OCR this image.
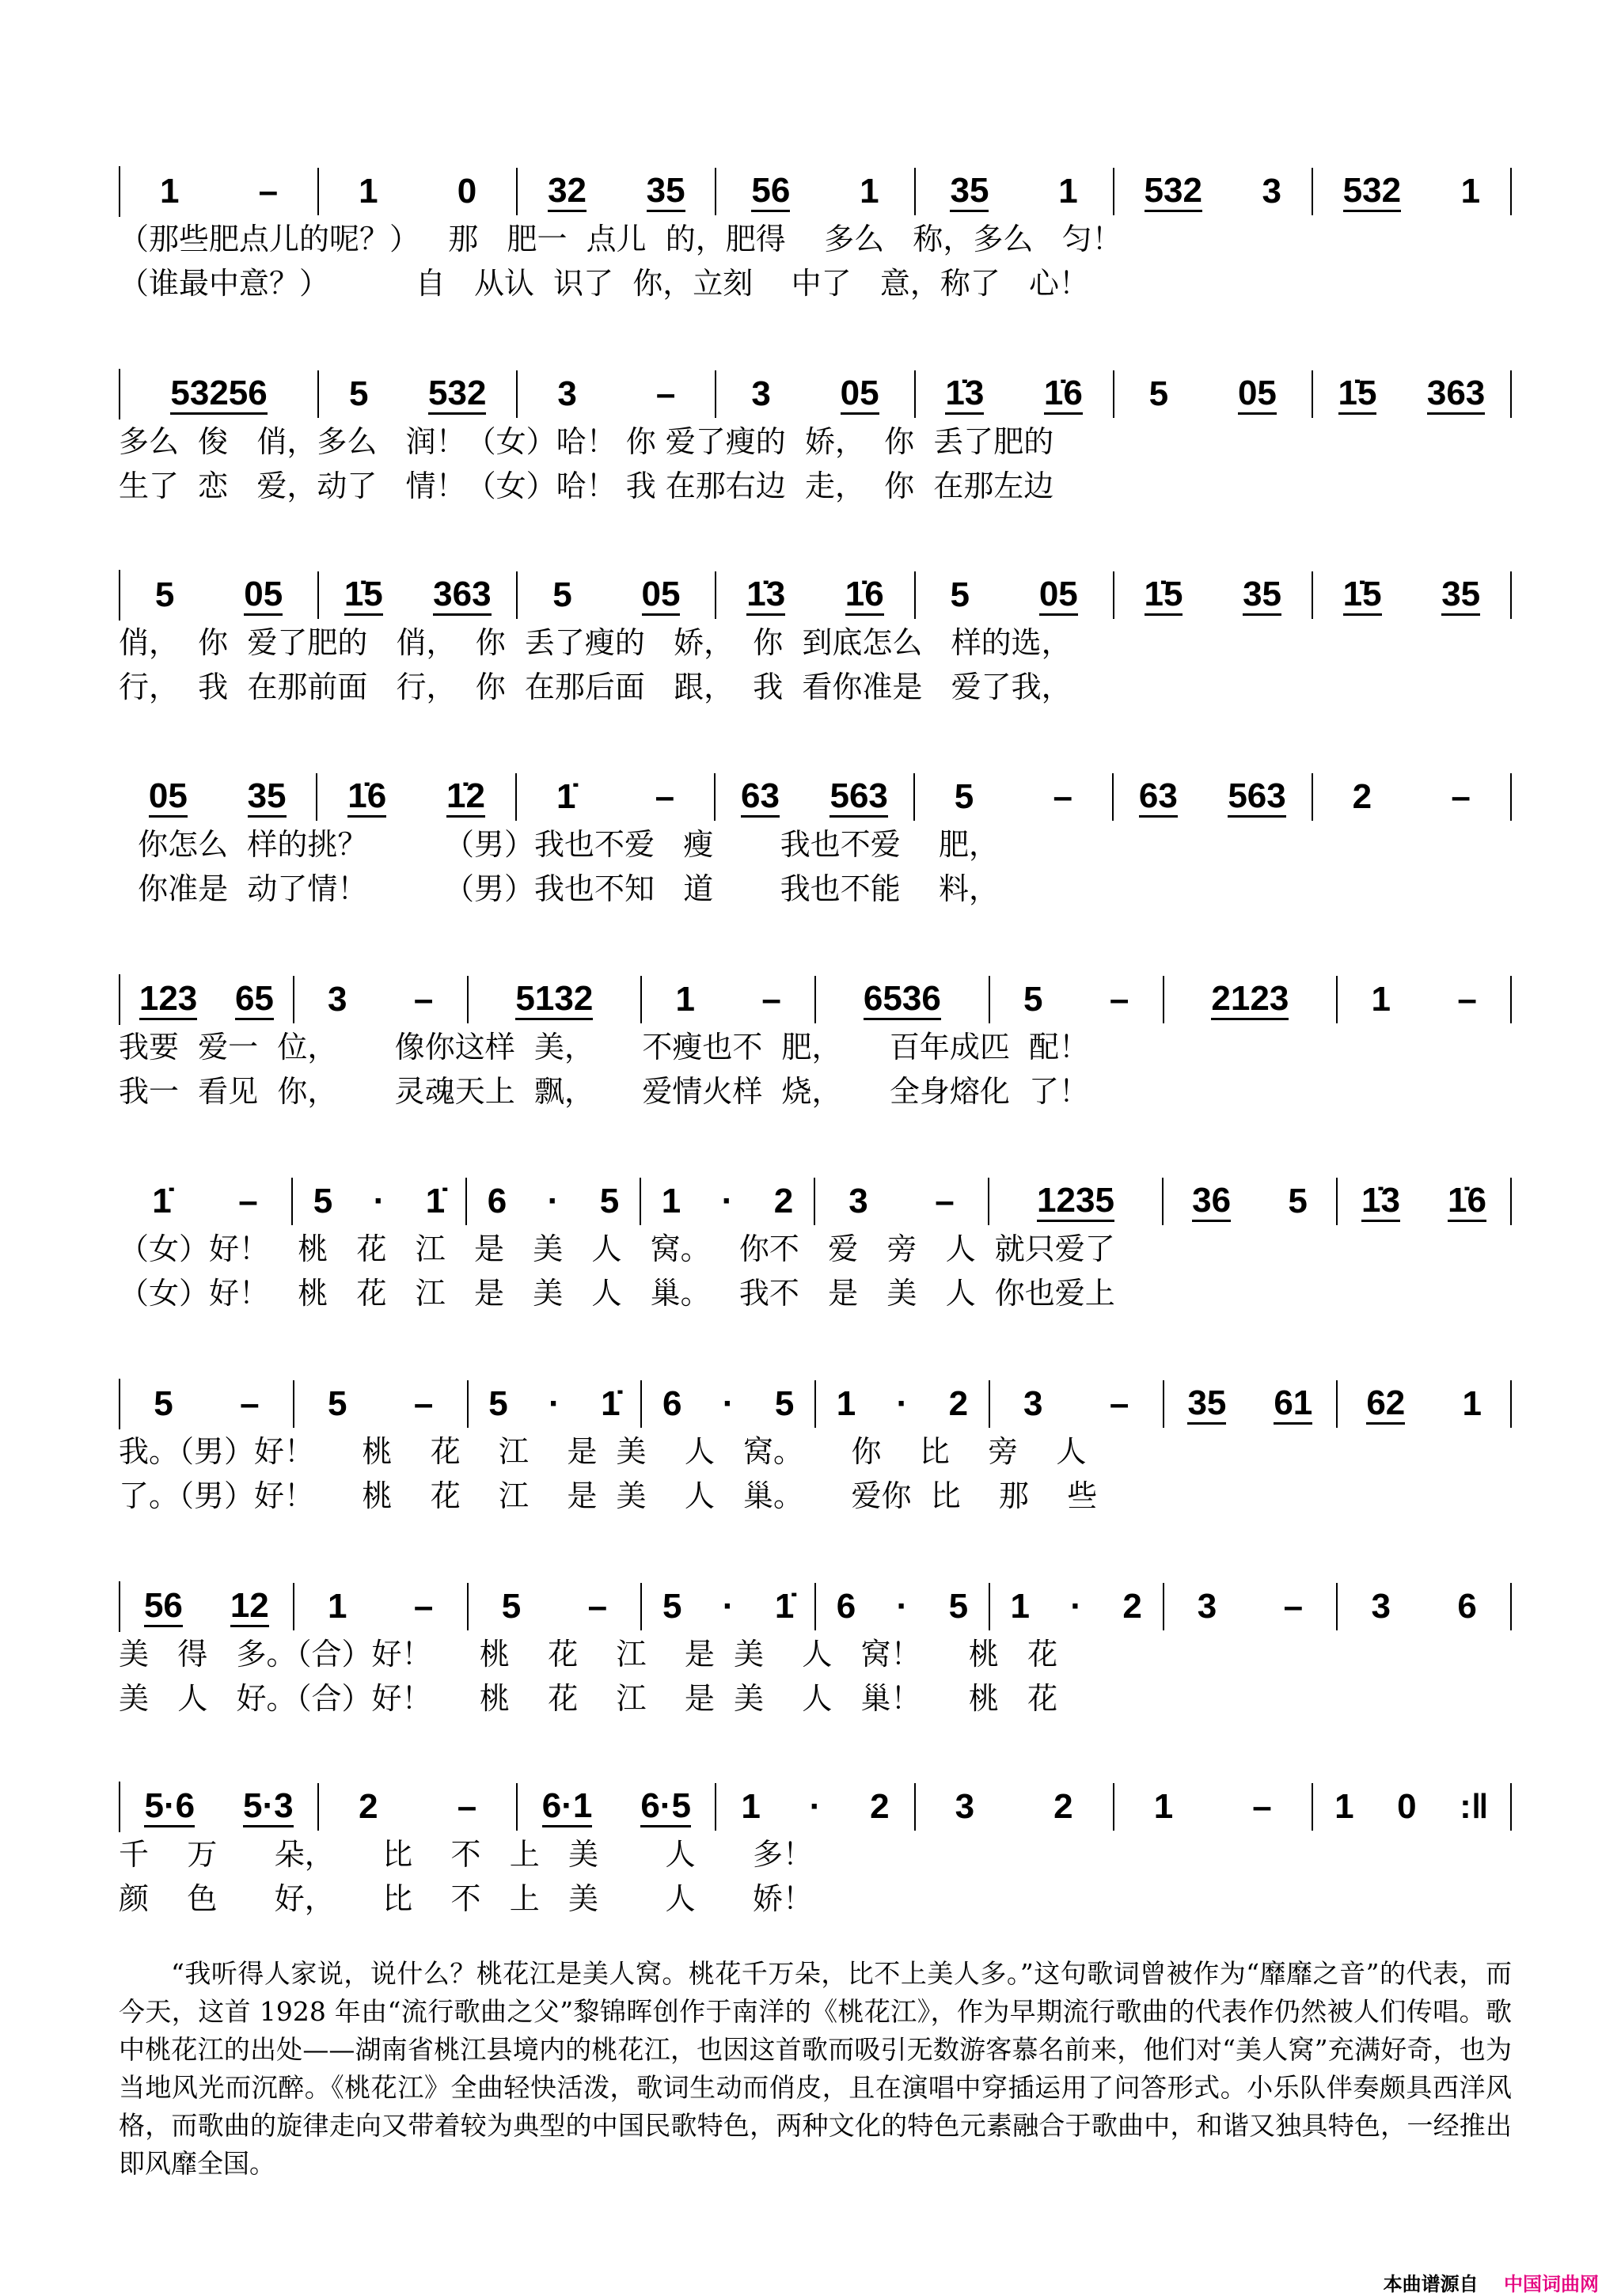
1 – 1 0 32 35 56 1 35 1 532 3 532 1
（那些肥点儿的呢？）   那   肥一  点儿  的，肥得    多么   称，多么   匀！
（谁最中意？）         自   从认  识了  你，立刻    中了   意，称了   心！
53256 5 532 3 – 3 05 1̇3 1̇6 5 05 1̇5 363
多么  俊   俏，多么   润！（女）哈！ 你 爱了瘦的  娇，  你  丢了肥的
生了  恋   爱，动了   情！（女）哈！ 我 在那右边  走，  你  在那左边
5 05 1̇5 363 5 05 1̇3 1̇6 5 05 1̇5 35 1̇5 35
俏，  你  爱了肥的   俏，  你  丢了瘦的   娇，  你  到底怎么   样的选，
行，  我  在那前面   行，  你  在那后面   跟，  我  看你准是   爱了我，
05 35 1̇6 1̇2 1̇ – 63 563 5 – 63 563 2 –
你怎么  样的挑？        （男）我也不爱   瘦       我也不爱    肥，
你准是  动了情！        （男）我也不知   道       我也不能    料，
123 65 3 – 5132 1 – 6536 5 – 2123 1 –
我要  爱一  位，      像你这样  美，     不瘦也不  肥，     百年成匹  配！
我一  看见  你，      灵魂天上  飘，     爱情火样  烧，     全身熔化  了！
1̇ – 5 · 1̇ 6 · 5 1 · 2 3 – 1235 36 5 1̇3 1̇6
（女）好！   桃   花   江   是   美   人   窝。   你不   爱   旁   人  就只爱了
（女）好！   桃   花   江   是   美   人   巢。   我不   是   美   人  你也爱上
5 – 5 – 5 · 1̇ 6 · 5 1 · 2 3 – 35 61 62 1
我。（男）好！     桃    花    江    是  美    人   窝。     你    比    旁    人
了。（男）好！     桃    花    江    是  美    人   巢。     爱你  比    那    些
56 12 1 – 5 – 5 · 1̇ 6 · 5 1 · 2 3 – 3 6
美   得   多。（合）好！     桃    花    江    是  美    人   窝！     桃   花
美   人   好。（合）好！     桃    花    江    是  美    人   巢！     桃   花
5·6 5·3 2 – 6·1 6·5 1 · 2 3 2 1 – 1 0 :‖
千    万      朵，     比    不   上   美       人      多！
颜    色      好，     比    不   上   美       人      娇！
“我听得人家说，说什么？桃花江是美人窝。桃花千万朵，比不上美人多。”这句歌词曾被作为“靡靡之音”的代表，而今天，这首 1928 年由“流行歌曲之父”黎锦晖创作于南洋的《桃花江》，作为早期流行歌曲的代表作仍然被人们传唱。歌中桃花江的出处——湖南省桃江县境内的桃花江，也因这首歌而吸引无数游客慕名前来，他们对“美人窝”充满好奇，也为当地风光而沉醉。《桃花江》全曲轻快活泼，歌词生动而俏皮，且在演唱中穿插运用了问答形式。小乐队伴奏颇具西洋风格，而歌曲的旋律走向又带着较为典型的中国民歌特色，两种文化的特色元素融合于歌曲中，和谐又独具特色，一经推出即风靡全国。
本曲谱源自 中国词曲网
